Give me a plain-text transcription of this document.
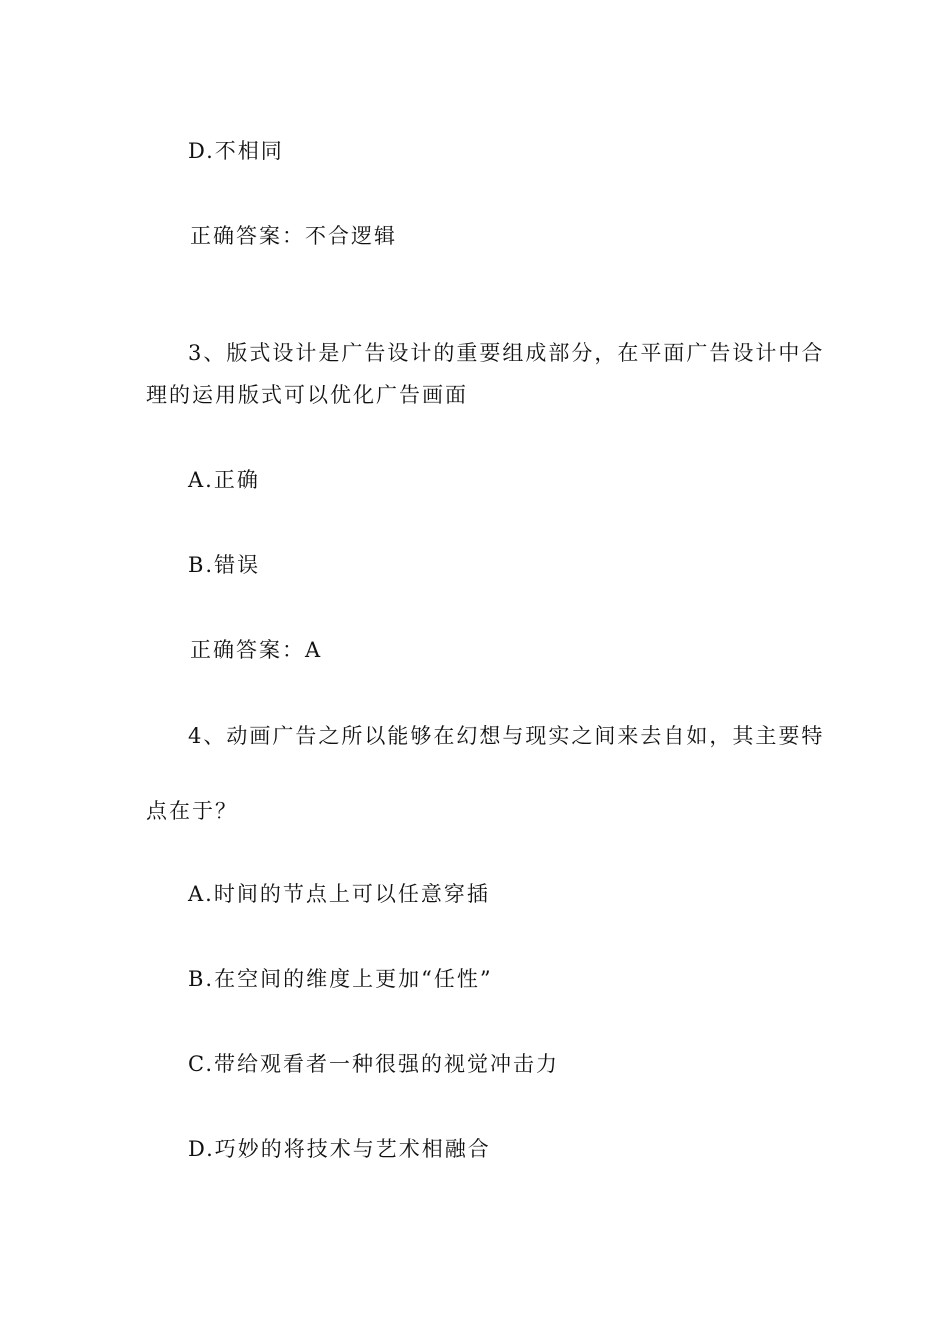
D.不相同
正确答案：不合逻辑
3、版式设计是广告设计的重要组成部分，在平面广告设计中合
理的运用版式可以优化广告画面
A.正确
B.错误
正确答案：A
4、动画广告之所以能够在幻想与现实之间来去自如，其主要特
点在于？
A.时间的节点上可以任意穿插
B.在空间的维度上更加“任性”
C.带给观看者一种很强的视觉冲击力
D.巧妙的将技术与艺术相融合
